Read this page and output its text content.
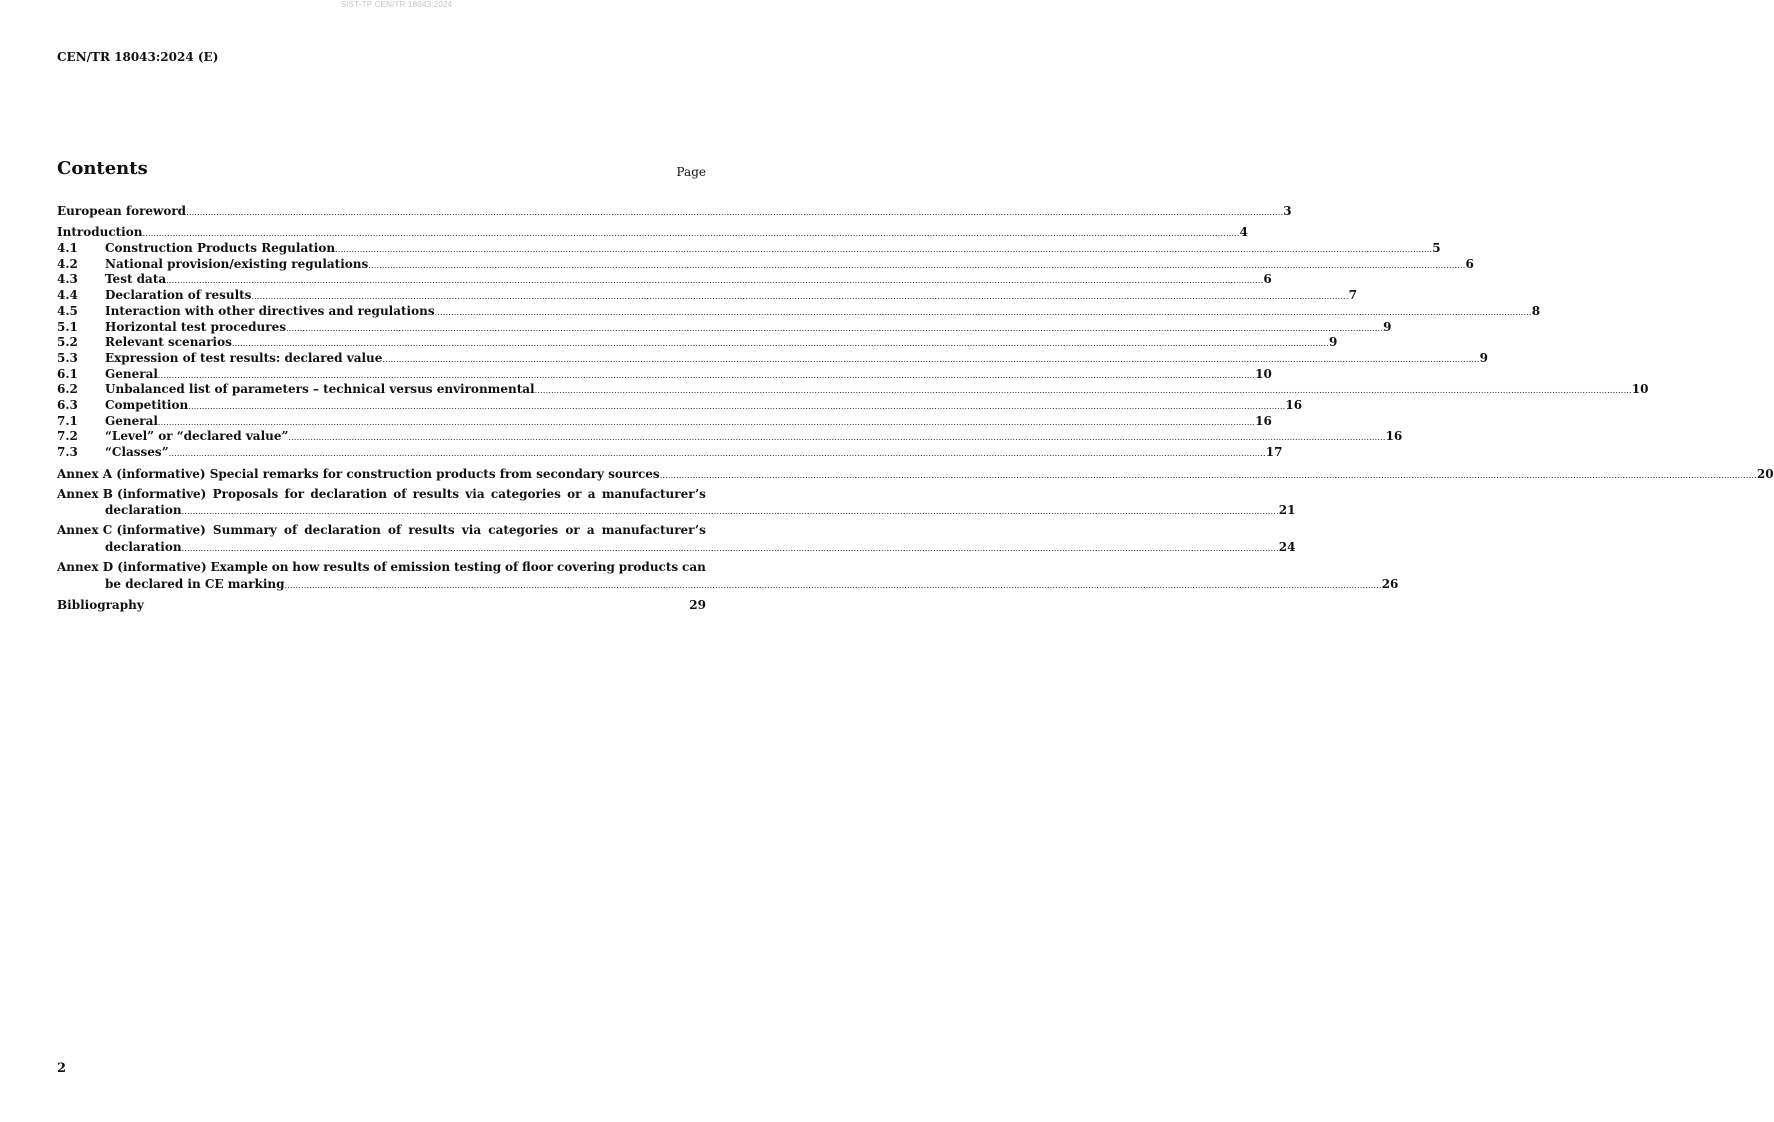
SIST-TP CEN/TR 18043:2024
CEN/TR 18043:2024 (E)
Contents	Page
European foreword ................................................................................................................................................................................................................................................................................................................................................................................................................ 3
Introduction ................................................................................................................................................................................................................................................................................................................................................................................................................ 4
4.1	Construction Products Regulation ................................................................................................................................................................................................................................................................................................................................................................................................................ 5
4.2	National provision/existing regulations ................................................................................................................................................................................................................................................................................................................................................................................................................ 6
4.3	Test data ................................................................................................................................................................................................................................................................................................................................................................................................................ 6
4.4	Declaration of results ................................................................................................................................................................................................................................................................................................................................................................................................................ 7
4.5	Interaction with other directives and regulations ................................................................................................................................................................................................................................................................................................................................................................................................................ 8
5.1	Horizontal test procedures ................................................................................................................................................................................................................................................................................................................................................................................................................ 9
5.2	Relevant scenarios ................................................................................................................................................................................................................................................................................................................................................................................................................ 9
5.3	Expression of test results: declared value ................................................................................................................................................................................................................................................................................................................................................................................................................ 9
6.1	General ................................................................................................................................................................................................................................................................................................................................................................................................................ 10
6.2	Unbalanced list of parameters – technical versus environmental ................................................................................................................................................................................................................................................................................................................................................................................................................ 10
6.3	Competition ................................................................................................................................................................................................................................................................................................................................................................................................................ 16
7.1	General ................................................................................................................................................................................................................................................................................................................................................................................................................ 16
7.2	“Level” or “declared value” ................................................................................................................................................................................................................................................................................................................................................................................................................ 16
7.3	“Classes” ................................................................................................................................................................................................................................................................................................................................................................................................................ 17
Annex A (informative) Special remarks for construction products from secondary sources ................................................................................................................................................................................................................................................................................................................................................................................................................ 20
Annex B (informative) Proposals for declaration of results via categories or a manufacturer’s
declaration ................................................................................................................................................................................................................................................................................................................................................................................................................ 21
Annex C (informative) Summary of declaration of results via categories or a manufacturer’s
declaration ................................................................................................................................................................................................................................................................................................................................................................................................................ 24
Annex D (informative) Example on how results of emission testing of floor covering products can
be declared in CE marking ................................................................................................................................................................................................................................................................................................................................................................................................................ 26
Bibliography	29
2
